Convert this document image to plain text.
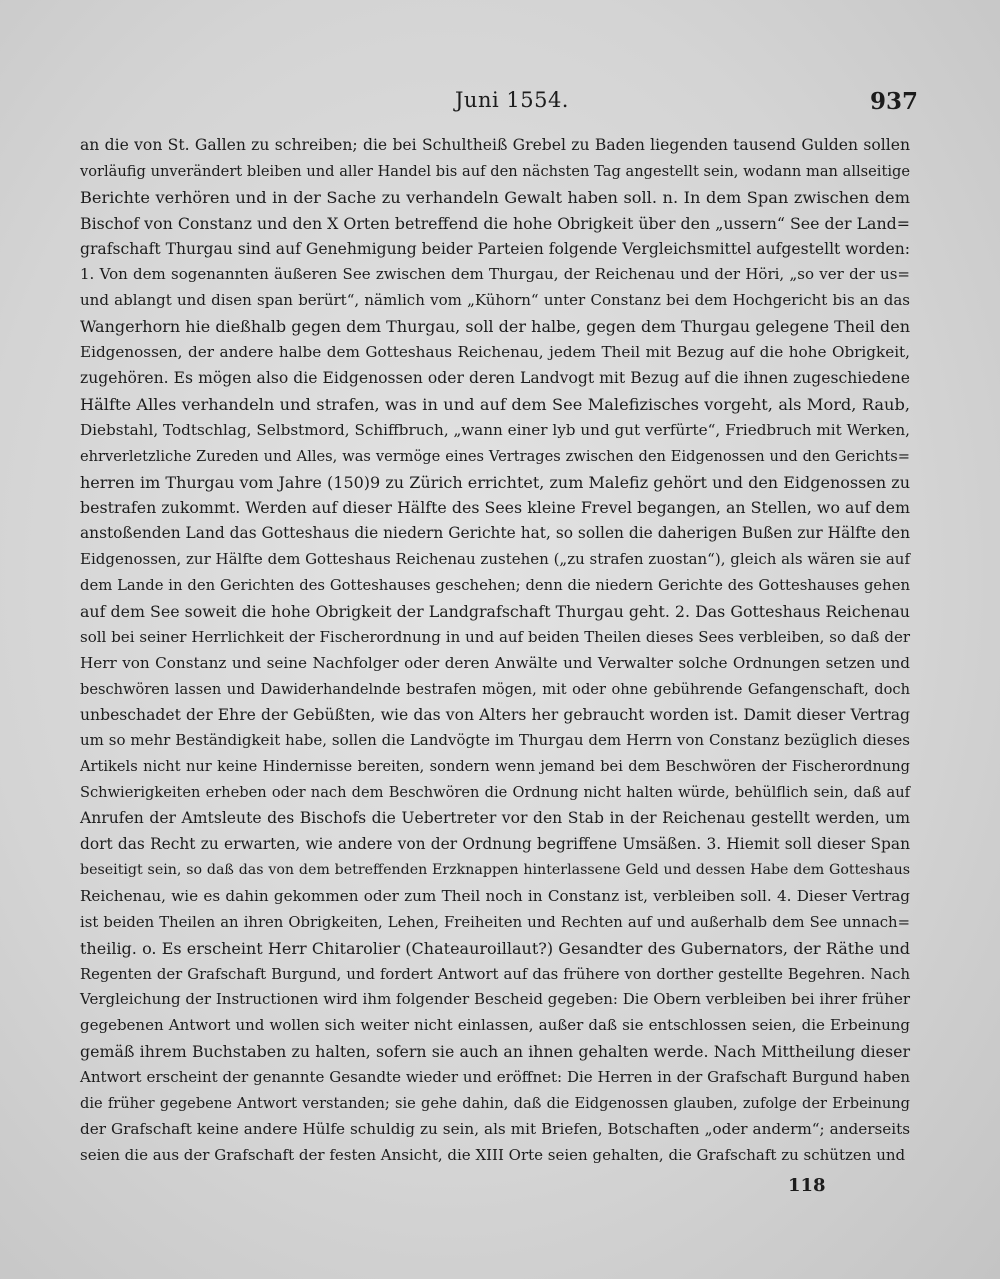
Juni 1554.	937
an die von St. Gallen zu schreiben; die bei Schultheiß Grebel zu Baden liegenden tausend Gulden sollen
vorläufig unverändert bleiben und aller Handel bis auf den nächsten Tag angestellt sein, wodann man allseitige
Berichte verhören und in der Sache zu verhandeln Gewalt haben soll. n. In dem Span zwischen dem
Bischof von Constanz und den X Orten betreffend die hohe Obrigkeit über den „ussern“ See der Land=
grafschaft Thurgau sind auf Genehmigung beider Parteien folgende Vergleichsmittel aufgestellt worden:
1. Von dem sogenannten äußeren See zwischen dem Thurgau, der Reichenau und der Höri, „so ver der us=
und ablangt und disen span berürt“, nämlich vom „Kühorn“ unter Constanz bei dem Hochgericht bis an das
Wangerhorn hie dießhalb gegen dem Thurgau, soll der halbe, gegen dem Thurgau gelegene Theil den
Eidgenossen, der andere halbe dem Gotteshaus Reichenau, jedem Theil mit Bezug auf die hohe Obrigkeit,
zugehören. Es mögen also die Eidgenossen oder deren Landvogt mit Bezug auf die ihnen zugeschiedene
Hälfte Alles verhandeln und strafen, was in und auf dem See Malefizisches vorgeht, als Mord, Raub,
Diebstahl, Todtschlag, Selbstmord, Schiffbruch, „wann einer lyb und gut verfürte“, Friedbruch mit Werken,
ehrverletzliche Zureden und Alles, was vermöge eines Vertrages zwischen den Eidgenossen und den Gerichts=
herren im Thurgau vom Jahre (150)9 zu Zürich errichtet, zum Malefiz gehört und den Eidgenossen zu
bestrafen zukommt. Werden auf dieser Hälfte des Sees kleine Frevel begangen, an Stellen, wo auf dem
anstoßenden Land das Gotteshaus die niedern Gerichte hat, so sollen die daherigen Bußen zur Hälfte den
Eidgenossen, zur Hälfte dem Gotteshaus Reichenau zustehen („zu strafen zuostan“), gleich als wären sie auf
dem Lande in den Gerichten des Gotteshauses geschehen; denn die niedern Gerichte des Gotteshauses gehen
auf dem See soweit die hohe Obrigkeit der Landgrafschaft Thurgau geht. 2. Das Gotteshaus Reichenau
soll bei seiner Herrlichkeit der Fischerordnung in und auf beiden Theilen dieses Sees verbleiben, so daß der
Herr von Constanz und seine Nachfolger oder deren Anwälte und Verwalter solche Ordnungen setzen und
beschwören lassen und Dawiderhandelnde bestrafen mögen, mit oder ohne gebührende Gefangenschaft, doch
unbeschadet der Ehre der Gebüßten, wie das von Alters her gebraucht worden ist. Damit dieser Vertrag
um so mehr Beständigkeit habe, sollen die Landvögte im Thurgau dem Herrn von Constanz bezüglich dieses
Artikels nicht nur keine Hindernisse bereiten, sondern wenn jemand bei dem Beschwören der Fischerordnung
Schwierigkeiten erheben oder nach dem Beschwören die Ordnung nicht halten würde, behülflich sein, daß auf
Anrufen der Amtsleute des Bischofs die Uebertreter vor den Stab in der Reichenau gestellt werden, um
dort das Recht zu erwarten, wie andere von der Ordnung begriffene Umsäßen. 3. Hiemit soll dieser Span
beseitigt sein, so daß das von dem betreffenden Erzknappen hinterlassene Geld und dessen Habe dem Gotteshaus
Reichenau, wie es dahin gekommen oder zum Theil noch in Constanz ist, verbleiben soll. 4. Dieser Vertrag
ist beiden Theilen an ihren Obrigkeiten, Lehen, Freiheiten und Rechten auf und außerhalb dem See unnach=
theilig. o. Es erscheint Herr Chitarolier (Chateauroillaut?) Gesandter des Gubernators, der Räthe und
Regenten der Grafschaft Burgund, und fordert Antwort auf das frühere von dorther gestellte Begehren. Nach
Vergleichung der Instructionen wird ihm folgender Bescheid gegeben: Die Obern verbleiben bei ihrer früher
gegebenen Antwort und wollen sich weiter nicht einlassen, außer daß sie entschlossen seien, die Erbeinung
gemäß ihrem Buchstaben zu halten, sofern sie auch an ihnen gehalten werde. Nach Mittheilung dieser
Antwort erscheint der genannte Gesandte wieder und eröffnet: Die Herren in der Grafschaft Burgund haben
die früher gegebene Antwort verstanden; sie gehe dahin, daß die Eidgenossen glauben, zufolge der Erbeinung
der Grafschaft keine andere Hülfe schuldig zu sein, als mit Briefen, Botschaften „oder anderm“; anderseits
seien die aus der Grafschaft der festen Ansicht, die XIII Orte seien gehalten, die Grafschaft zu schützen und
118
